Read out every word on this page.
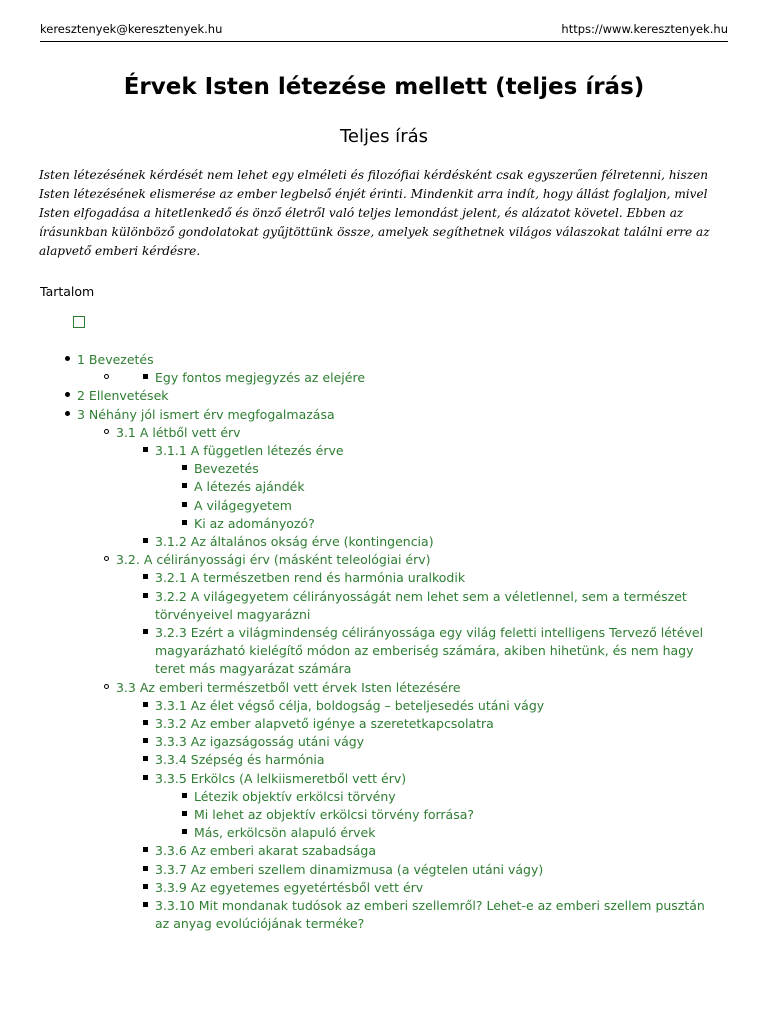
keresztenyek@keresztenyek.hu	https://www.keresztenyek.hu
Érvek Isten létezése mellett (teljes írás)
Teljes írás

Isten létezésének kérdését nem lehet egy elméleti és filozófiai kérdésként csak egyszerűen félretenni, hiszen Isten létezésének elismerése az ember legbelső énjét érinti. Mindenkit arra indít, hogy állást foglaljon, mivel Isten elfogadása a hitetlenkedő és önző életről való teljes lemondást jelent, és alázatot követel. Ebben az írásunkban különböző gondolatokat gyűjtöttünk össze, amelyek segíthetnek világos válaszokat találni erre az alapvető emberi kérdésre.

Tartalom
1 Bevezetés
Egy fontos megjegyzés az elejére
2 Ellenvetések
3 Néhány jól ismert érv megfogalmazása
3.1 A létből vett érv
3.1.1 A független létezés érve
Bevezetés
A létezés ajándék
A világegyetem
Ki az adományozó?
3.1.2 Az általános okság érve (kontingencia)
3.2. A célirányossági érv (másként teleológiai érv)
3.2.1 A természetben rend és harmónia uralkodik
3.2.2 A világegyetem célirányosságát nem lehet sem a véletlennel, sem a természet törvényeivel magyarázni
3.2.3 Ezért a világmindenség célirányossága egy világ feletti intelligens Tervező létével magyarázható kielégítő módon az emberiség számára, akiben hihetünk, és nem hagy teret más magyarázat számára
3.3 Az emberi természetből vett érvek Isten létezésére
3.3.1 Az élet végső célja, boldogság – beteljesedés utáni vágy
3.3.2 Az ember alapvető igénye a szeretetkapcsolatra
3.3.3 Az igazságosság utáni vágy
3.3.4 Szépség és harmónia
3.3.5 Erkölcs (A lelkiismeretből vett érv)
Létezik objektív erkölcsi törvény
Mi lehet az objektív erkölcsi törvény forrása?
Más, erkölcsön alapuló érvek
3.3.6 Az emberi akarat szabadsága
3.3.7 Az emberi szellem dinamizmusa (a végtelen utáni vágy)
3.3.9 Az egyetemes egyetértésből vett érv
3.3.10 Mit mondanak tudósok az emberi szellemről? Lehet-e az emberi szellem pusztán az anyag evolúciójának terméke?
